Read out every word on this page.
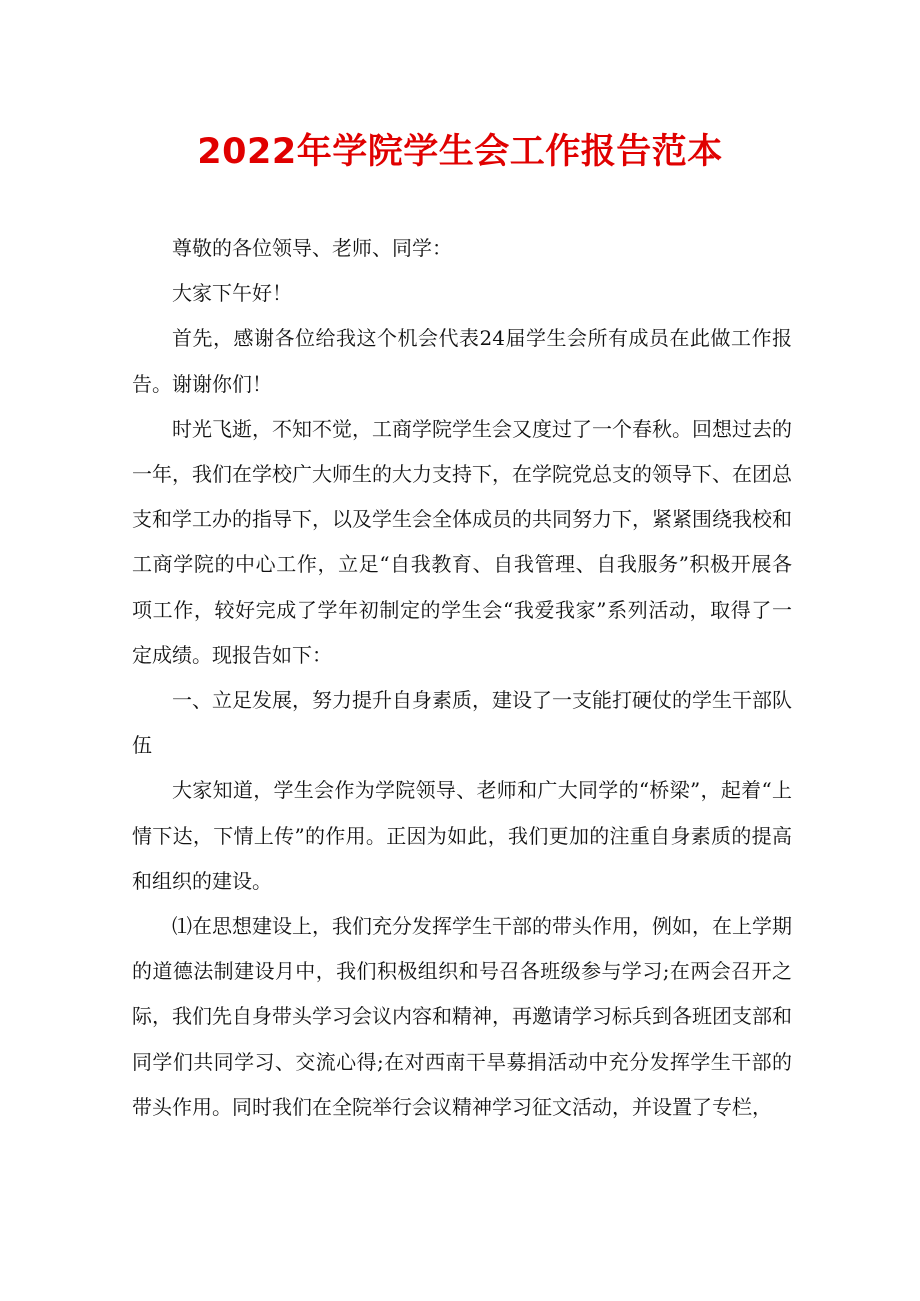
2022年学院学生会工作报告范本

尊敬的各位领导、老师、同学：

大家下午好！

首先，感谢各位给我这个机会代表24届学生会所有成员在此做工作报告。谢谢你们！

时光飞逝，不知不觉，工商学院学生会又度过了一个春秋。回想过去的一年，我们在学校广大师生的大力支持下，在学院党总支的领导下、在团总支和学工办的指导下，以及学生会全体成员的共同努力下，紧紧围绕我校和工商学院的中心工作，立足“自我教育、自我管理、自我服务”积极开展各项工作，较好完成了学年初制定的学生会“我爱我家”系列活动，取得了一定成绩。现报告如下：

一、立足发展，努力提升自身素质，建设了一支能打硬仗的学生干部队伍

大家知道，学生会作为学院领导、老师和广大同学的“桥梁”，起着“上情下达，下情上传”的作用。正因为如此，我们更加的注重自身素质的提高和组织的建设。

⑴在思想建设上，我们充分发挥学生干部的带头作用，例如，在上学期的道德法制建设月中，我们积极组织和号召各班级参与学习;在两会召开之际，我们先自身带头学习会议内容和精神，再邀请学习标兵到各班团支部和同学们共同学习、交流心得;在对西南干旱募捐活动中充分发挥学生干部的带头作用。同时我们在全院举行会议精神学习征文活动，并设置了专栏，
